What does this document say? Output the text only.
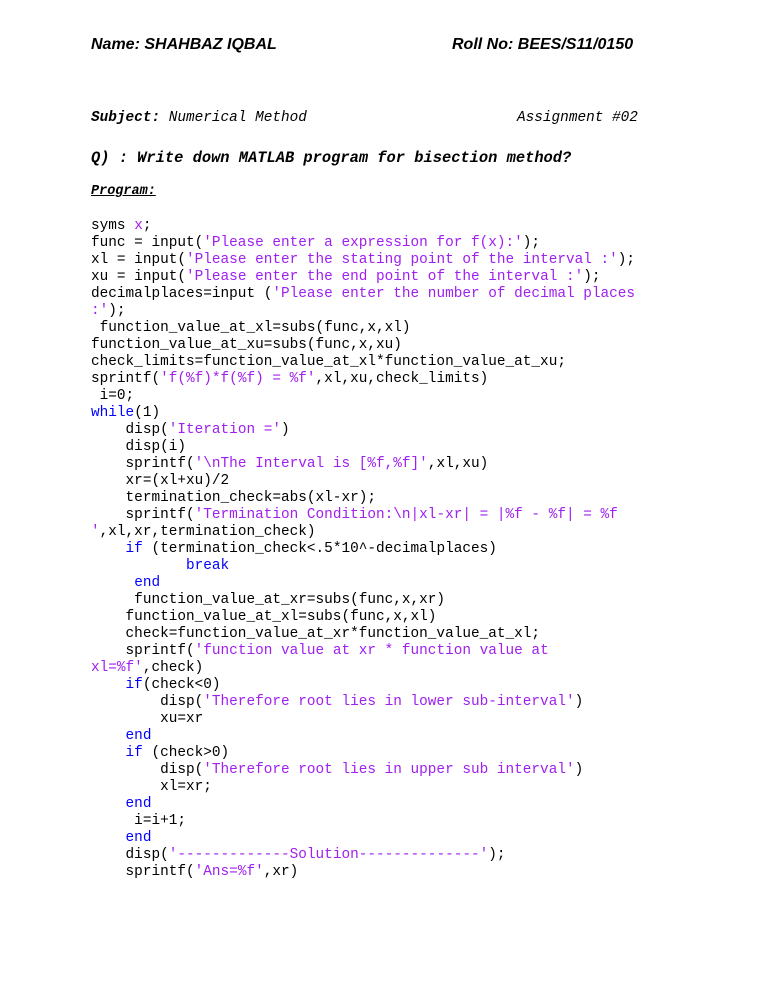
Name: SHAHBAZ IQBAL	Roll No: BEES/S11/0150
Subject: Numerical Method	Assignment #02
Q) : Write down MATLAB program for bisection method?
Program:
syms x;
func = input('Please enter a expression for f(x):');
xl = input('Please enter the stating point of the interval :');
xu = input('Please enter the end point of the interval :');
decimalplaces=input ('Please enter the number of decimal places
:');
function_value_at_xl=subs(func,x,xl)
function_value_at_xu=subs(func,x,xu)
check_limits=function_value_at_xl*function_value_at_xu;
sprintf('f(%f)*f(%f) = %f',xl,xu,check_limits)
i=0;
while(1)
disp('Iteration =')
disp(i)
sprintf('\nThe Interval is [%f,%f]',xl,xu)
xr=(xl+xu)/2
termination_check=abs(xl-xr);
sprintf('Termination Condition:\n|xl-xr| = |%f - %f| = %f
',xl,xr,termination_check)
if (termination_check<.5*10^-decimalplaces)
break
end
function_value_at_xr=subs(func,x,xr)
function_value_at_xl=subs(func,x,xl)
check=function_value_at_xr*function_value_at_xl;
sprintf('function value at xr * function value at
xl=%f',check)
if(check<0)
disp('Therefore root lies in lower sub-interval')
xu=xr
end
if (check>0)
disp('Therefore root lies in upper sub interval')
xl=xr;
end
i=i+1;
end
disp('-------------Solution--------------');
sprintf('Ans=%f',xr)
